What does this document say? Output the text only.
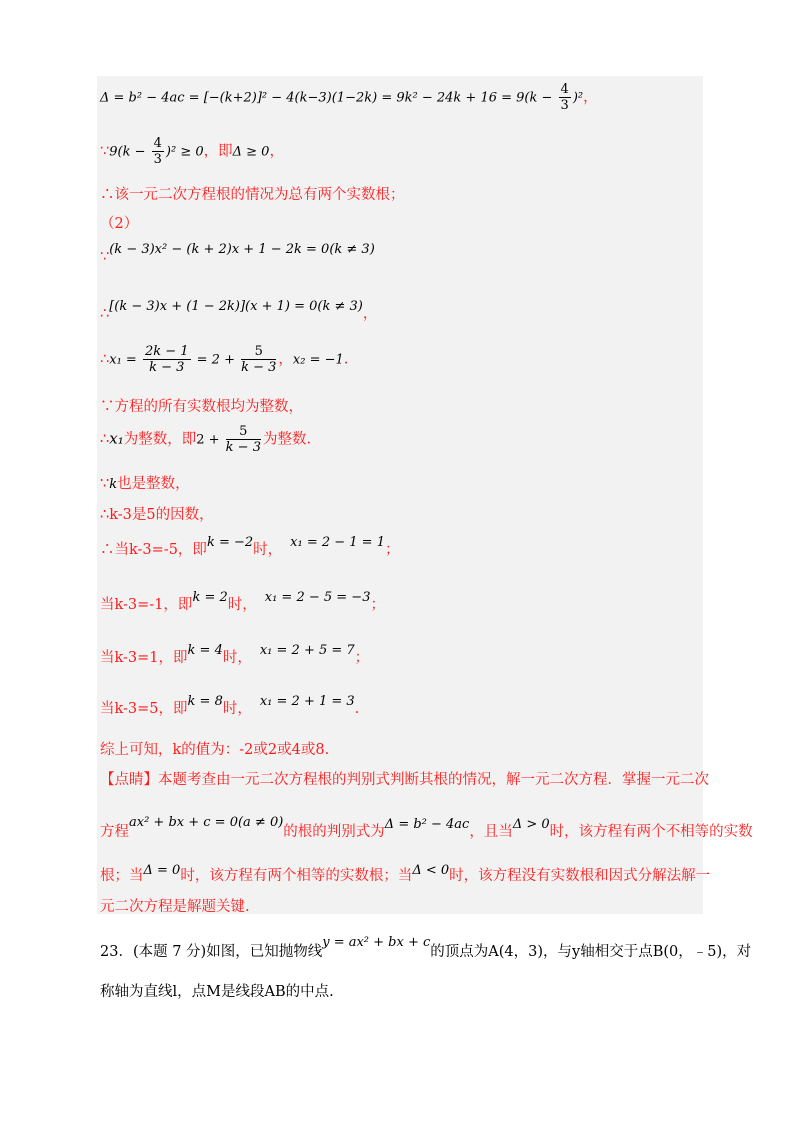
$\Delta = b^2 - 4ac = [-(k+2)]^2 - 4(k-3)(1-2k) = 9k^2 - 24k + 16 = 9(k - \frac{4}{3} )^2$，
∵9(k − $\frac{4}{3} )^2 \ge 0$，即Δ ≥ 0，
∴该一元二次方程根的情况为总有两个实数根；
（2）
∵(k − 3)x² − (k + 2)x + 1 − 2k = 0(k ≠ 3)
∴[(k − 3)x + (1 − 2k)](x + 1) = 0(k ≠ 3)，
∴x₁ = $\frac{2k - 1}{k - 3} = 2 + \frac{5}{k - 3}$ ，x₂ = −1.
∵方程的所有实数根均为整数，
∴x₁为整数，即$2 + \frac{5}{k - 3}$ 为整数.
∵k也是整数，
∴k-3是5的因数，
∴当k-3=-5，即k = −2时， x₁ = 2 − 1 = 1；
当k-3=-1，即k = 2时， x₁ = 2 − 5 = −3；
当k-3=1，即k = 4时， x₁ = 2 + 5 = 7；
当k-3=5，即k = 8时， x₁ = 2 + 1 = 3.
综上可知，k的值为：-2或2或4或8.
【点睛】本题考查由一元二次方程根的判别式判断其根的情况，解一元二次方程．掌握一元二次
方程ax² + bx + c = 0(a ≠ 0)的根的判别式为Δ = b² − 4ac，且当Δ > 0时，该方程有两个不相等的实数
根；当Δ = 0时，该方程有两个相等的实数根；当Δ < 0时，该方程没有实数根和因式分解法解一
元二次方程是解题关键.
23．(本题 7 分)如图，已知抛物线y = ax² + bx + c的顶点为A(4，3)，与y轴相交于点B(0，﹣5)，对
称轴为直线l，点M是线段AB的中点.
